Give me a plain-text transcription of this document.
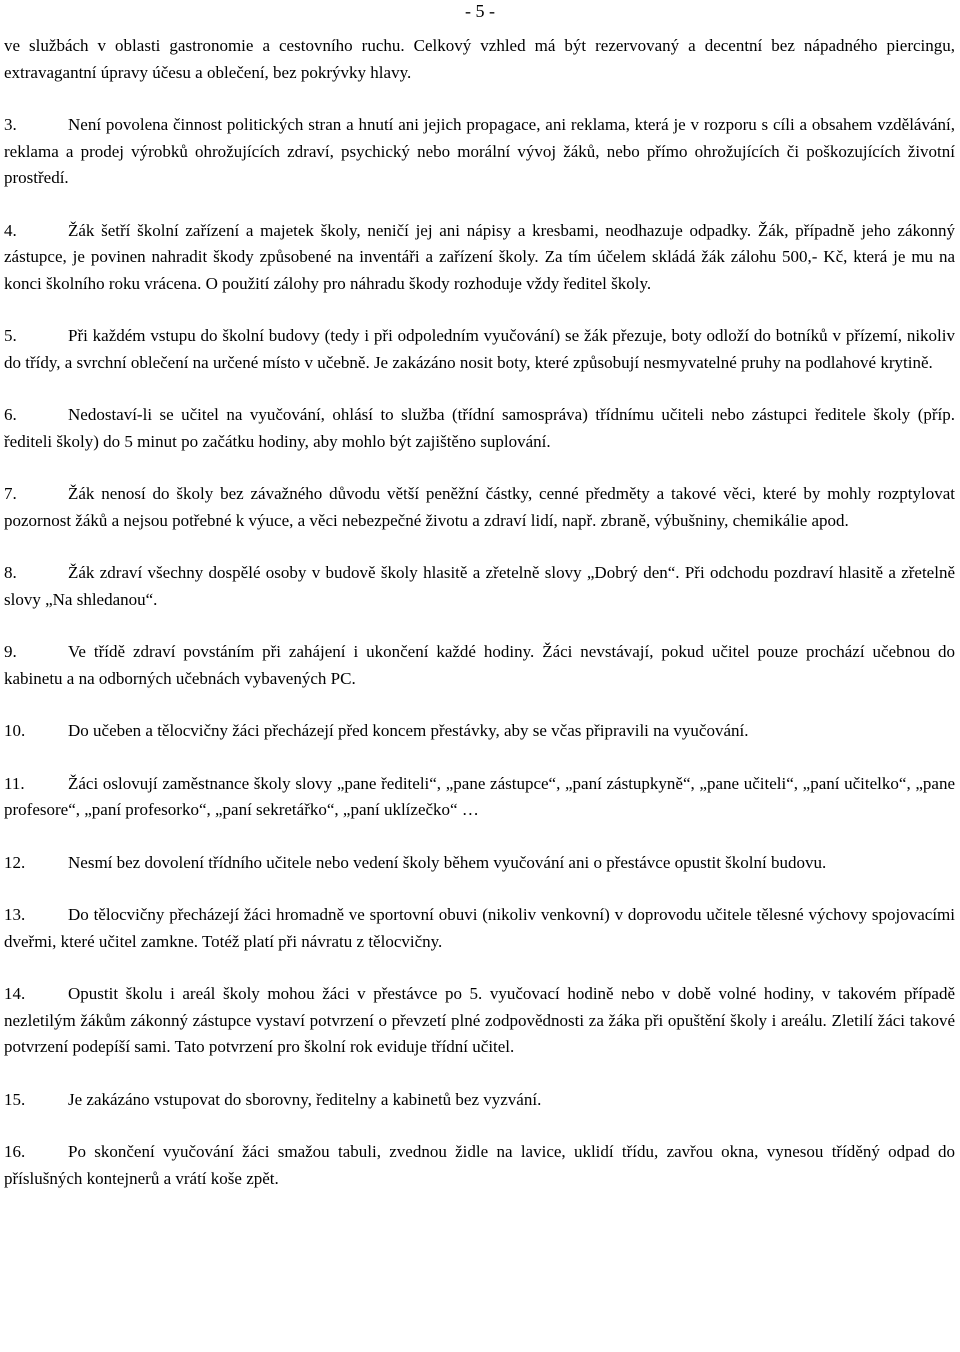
- 5 -

ve službách v oblasti gastronomie a cestovního ruchu. Celkový vzhled má být rezervovaný a decentní bez nápadného piercingu, extravagantní úpravy účesu a oblečení, bez pokrývky hlavy.

3.	Není povolena činnost politických stran a hnutí ani jejich propagace, ani reklama, která je v rozporu s cíli a obsahem vzdělávání, reklama a prodej výrobků ohrožujících zdraví, psychický nebo morální vývoj žáků, nebo přímo ohrožujících či poškozujících životní prostředí.

4.	Žák šetří školní zařízení a majetek školy, neničí jej ani nápisy a kresbami, neodhazuje odpadky. Žák, případně jeho zákonný zástupce, je povinen nahradit škody způsobené na inventáři a zařízení školy. Za tím účelem skládá žák zálohu 500,- Kč, která je mu na konci školního roku vrácena. O použití zálohy pro náhradu škody rozhoduje vždy ředitel školy.

5.	Při každém vstupu do školní budovy (tedy i při odpoledním vyučování) se žák přezuje, boty odloží do botníků v přízemí, nikoliv do třídy, a svrchní oblečení na určené místo v učebně. Je zakázáno nosit boty, které způsobují nesmyvatelné pruhy na podlahové krytině.

6.	Nedostaví-li se učitel na vyučování, ohlásí to služba (třídní samospráva) třídnímu učiteli nebo zástupci ředitele školy (příp. řediteli školy) do 5 minut po začátku hodiny, aby mohlo být zajištěno suplování.

7.	Žák nenosí do školy bez závažného důvodu větší peněžní částky, cenné předměty a takové věci, které by mohly rozptylovat pozornost žáků a nejsou potřebné k výuce, a věci nebezpečné životu a zdraví lidí, např. zbraně, výbušniny, chemikálie apod.

8.	Žák zdraví všechny dospělé osoby v budově školy hlasitě a zřetelně slovy „Dobrý den“. Při odchodu pozdraví hlasitě a zřetelně slovy „Na shledanou“.

9.	Ve třídě zdraví povstáním při zahájení i ukončení každé hodiny. Žáci nevstávají, pokud učitel pouze prochází učebnou do kabinetu a na odborných učebnách vybavených PC.

10.	Do učeben a tělocvičny žáci přecházejí před koncem přestávky, aby se včas připravili na vyučování.

11.	Žáci oslovují zaměstnance školy slovy „pane řediteli“, „pane zástupce“, „paní zástupkyně“, „pane učiteli“, „paní učitelko“, „pane profesore“, „paní profesorko“, „paní sekretářko“, „paní uklízečko“ …

12.	Nesmí bez dovolení třídního učitele nebo vedení školy během vyučování ani o přestávce opustit školní budovu.

13.	Do tělocvičny přecházejí žáci hromadně ve sportovní obuvi (nikoliv venkovní) v doprovodu učitele tělesné výchovy spojovacími dveřmi, které učitel zamkne. Totéž platí při návratu z tělocvičny.

14.	Opustit školu i areál školy mohou žáci v přestávce po 5. vyučovací hodině nebo v době volné hodiny, v takovém případě nezletilým žákům zákonný zástupce vystaví potvrzení o převzetí plné zodpovědnosti za žáka při opuštění školy i areálu. Zletilí žáci takové potvrzení podepíší sami. Tato potvrzení pro školní rok eviduje třídní učitel.

15.	Je zakázáno vstupovat do sborovny, ředitelny a kabinetů bez vyzvání.

16.	Po skončení vyučování žáci smažou tabuli, zvednou židle na lavice, uklidí třídu, zavřou okna, vynesou tříděný odpad do příslušných kontejnerů a vrátí koše zpět.
